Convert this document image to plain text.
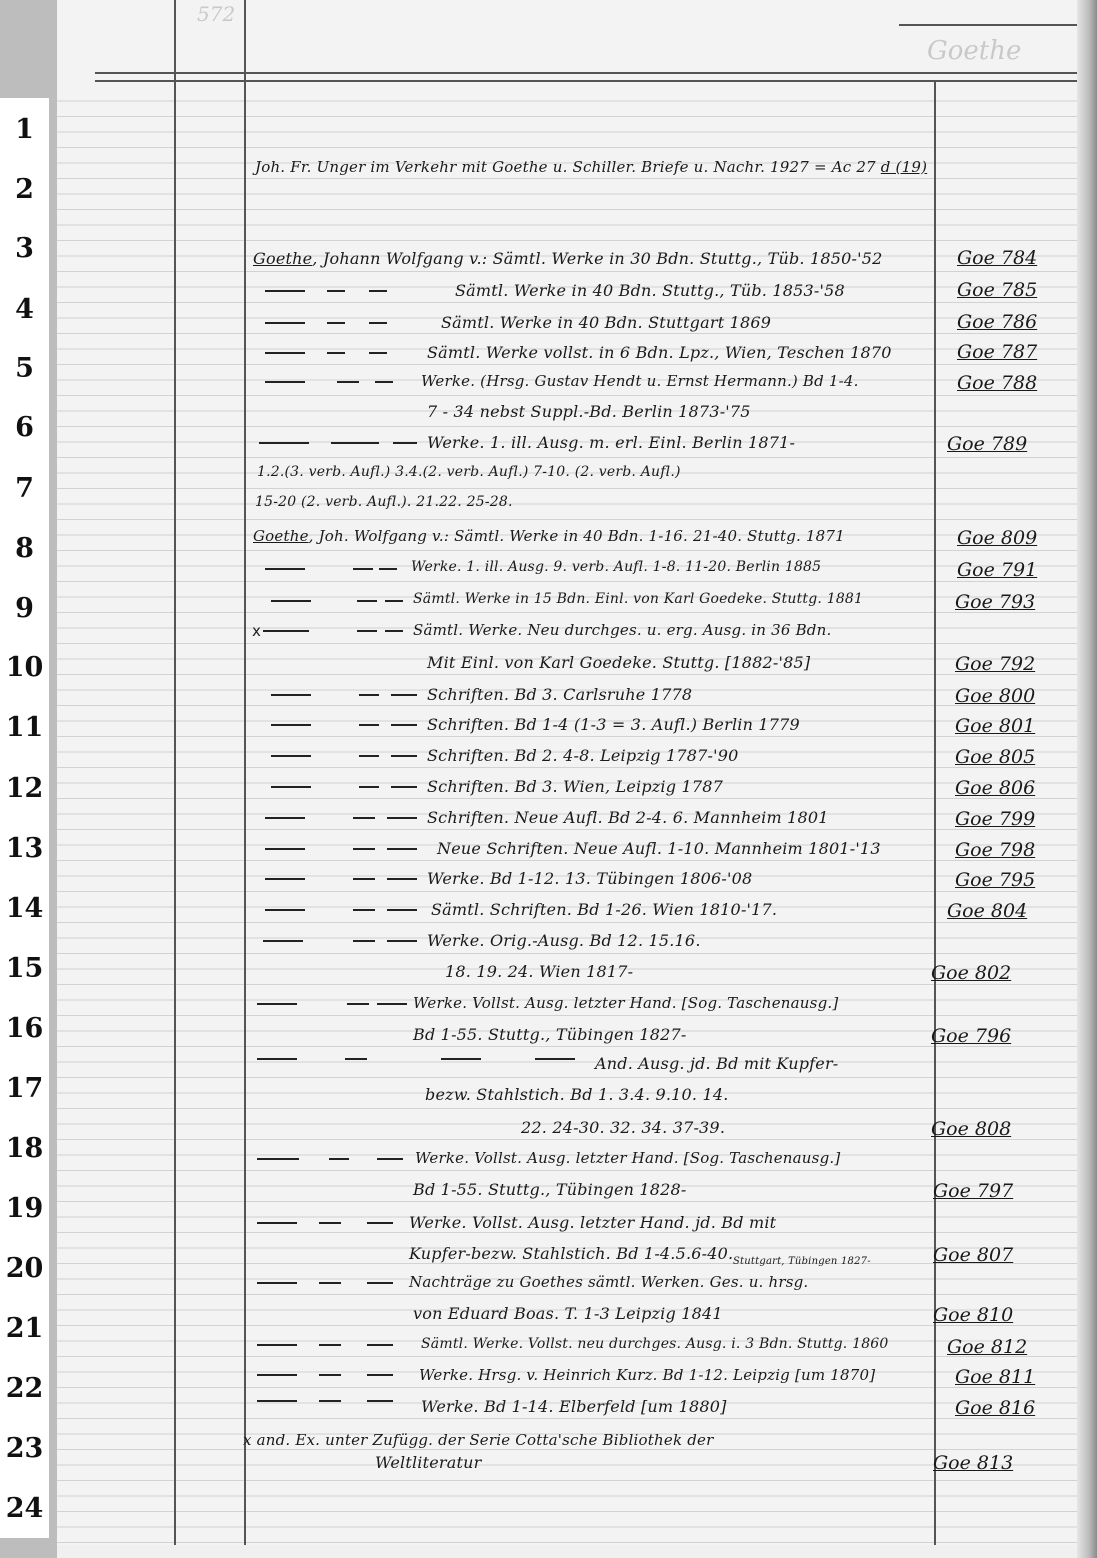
1
2
3
4
5
6
7
8
9
10
11
12
13
14
15
16
17
18
19
20
21
22
23
24
572
Goethe
Joh. Fr. Unger im Verkehr mit Goethe u. Schiller. Briefe u. Nachr. 1927 = Ac 27 d (19)
Goethe, Johann Wolfgang v.: Sämtl. Werke in 30 Bdn. Stuttg., Tüb. 1850-'52	Goe 784
Sämtl. Werke in 40 Bdn. Stuttg., Tüb. 1853-'58	Goe 785
Sämtl. Werke in 40 Bdn. Stuttgart 1869	Goe 786
Sämtl. Werke vollst. in 6 Bdn. Lpz., Wien, Teschen 1870	Goe 787
Werke. (Hrsg. Gustav Hendt u. Ernst Hermann.) Bd 1-4.	Goe 788
7 - 34 nebst Suppl.-Bd. Berlin 1873-'75
Werke. 1. ill. Ausg. m. erl. Einl. Berlin 1871-	Goe 789
1.2.(3. verb. Aufl.) 3.4.(2. verb. Aufl.) 7-10. (2. verb. Aufl.)
15-20 (2. verb. Aufl.). 21.22. 25-28.
Goethe, Joh. Wolfgang v.: Sämtl. Werke in 40 Bdn. 1-16. 21-40. Stuttg. 1871	Goe 809
Werke. 1. ill. Ausg. 9. verb. Aufl. 1-8. 11-20. Berlin 1885	Goe 791
Sämtl. Werke in 15 Bdn. Einl. von Karl Goedeke. Stuttg. 1881	Goe 793
x	Sämtl. Werke. Neu durchges. u. erg. Ausg. in 36 Bdn.
Mit Einl. von Karl Goedeke. Stuttg. [1882-'85]	Goe 792
Schriften. Bd 3. Carlsruhe 1778	Goe 800
Schriften. Bd 1-4 (1-3 = 3. Aufl.) Berlin 1779	Goe 801
Schriften. Bd 2. 4-8. Leipzig 1787-'90	Goe 805
Schriften. Bd 3. Wien, Leipzig 1787	Goe 806
Schriften. Neue Aufl. Bd 2-4. 6. Mannheim 1801	Goe 799
Neue Schriften. Neue Aufl. 1-10. Mannheim 1801-'13	Goe 798
Werke. Bd 1-12. 13. Tübingen 1806-'08	Goe 795
Sämtl. Schriften. Bd 1-26. Wien 1810-'17.	Goe 804
Werke. Orig.-Ausg. Bd 12. 15.16.
18. 19. 24. Wien 1817-	Goe 802
Werke. Vollst. Ausg. letzter Hand. [Sog. Taschenausg.]
Bd 1-55. Stuttg., Tübingen 1827-	Goe 796
And. Ausg. jd. Bd mit Kupfer-
bezw. Stahlstich. Bd 1. 3.4. 9.10. 14.
22. 24-30. 32. 34. 37-39.	Goe 808
Werke. Vollst. Ausg. letzter Hand. [Sog. Taschenausg.]
Bd 1-55. Stuttg., Tübingen 1828-	Goe 797
Werke. Vollst. Ausg. letzter Hand. jd. Bd mit
Kupfer-bezw. Stahlstich. Bd 1-4.5.6-40. Stuttgart, Tübingen 1827-	Goe 807
Nachträge zu Goethes sämtl. Werken. Ges. u. hrsg.
von Eduard Boas. T. 1-3 Leipzig 1841	Goe 810
Sämtl. Werke. Vollst. neu durchges. Ausg. i. 3 Bdn. Stuttg. 1860	Goe 812
Werke. Hrsg. v. Heinrich Kurz. Bd 1-12. Leipzig [um 1870]	Goe 811
Werke. Bd 1-14. Elberfeld [um 1880]	Goe 816
x and. Ex. unter Zufügg. der Serie Cotta'sche Bibliothek der
Weltliteratur	Goe 813
